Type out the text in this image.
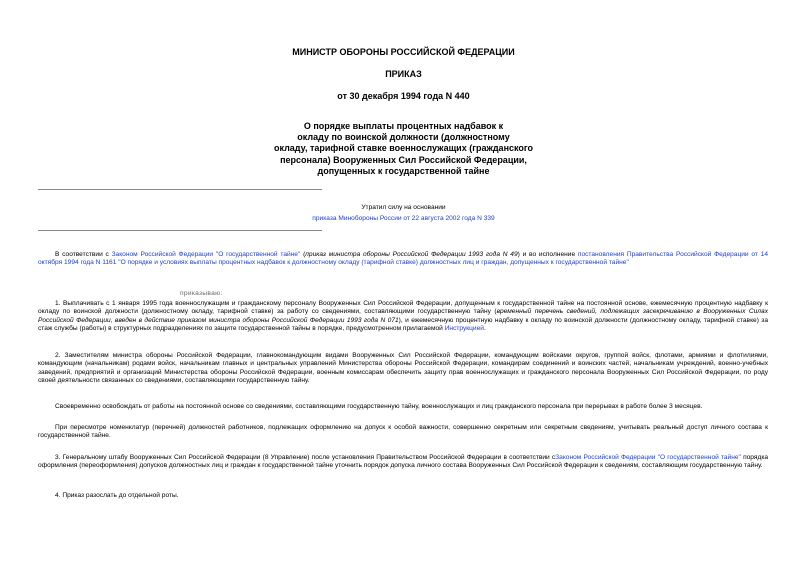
МИНИСТР ОБОРОНЫ РОССИЙСКОЙ ФЕДЕРАЦИИ
ПРИКАЗ
от 30 декабря 1994 года N 440
О порядке выплаты процентных надбавок к
окладу по воинской должности (должностному
окладу, тарифной ставке военнослужащих (гражданского
персонала) Вооруженных Сил Российской Федерации,
допущенных к государственной тайне
Утратил силу на основании
приказа Минобороны России от 22 августа 2002 года N 339

В соответствии с Законом Российской Федерации "О государственной тайне" (приказ министра обороны Российской Федерации 1993 года N 49) и во исполнение постановления Правительства Российской Федерации от 14 октября 1994 года N 1161 "О порядке и условиях выплаты процентных надбавок к должностному окладу (тарифной ставке) должностных лиц и граждан, допущенных к государственной тайне"

приказываю:

1. Выплачивать с 1 января 1995 года военнослужащим и гражданскому персоналу Вооруженных Сил Российской Федерации, допущенным к государственной тайне на постоянной основе, ежемесячную процентную надбавку к окладу по воинской должности (должностному окладу, тарифной ставке) за работу со сведениями, составляющими государственную тайну (временный перечень сведений, подлежащих засекречиванию в Вооруженных Силах Российской Федерации, введен в действие приказом министра обороны Российской Федерации 1993 года N 071), и ежемесячную процентную надбавку к окладу по воинской должности (должностному окладу, тарифной ставке) за стаж службы (работы) в структурных подразделениях по защите государственной тайны в порядке, предусмотренном прилагаемой Инструкцией.

2. Заместителям министра обороны Российской Федерации, главнокомандующим видами Вооруженных Сил Российской Федерации, командующим войсками округов, группой войск, флотами, армиями и флотилиями, командующим (начальникам) родами войск, начальникам главных и центральных управлений Министерства обороны Российской Федерации, командирам соединений и воинских частей, начальникам учреждений, военно-учебных заведений, предприятий и организаций Министерства обороны Российской Федерации, военным комиссарам обеспечить защиту прав военнослужащих и гражданского персонала Вооруженных Сил Российской Федерации, по роду своей деятельности связанных со сведениями, составляющими государственную тайну.

Своевременно освобождать от работы на постоянной основе со сведениями, составляющими государственную тайну, военнослужащих и лиц гражданского персонала при перерывах в работе более 3 месяцев.

При пересмотре номенклатур (перечней) должностей работников, подлежащих оформлению на допуск к особой важности, совершенно секретным или секретным сведениям, учитывать реальный доступ личного состава к государственной тайне.

3. Генеральному штабу Вооруженных Сил Российской Федерации (8 Управление) после установления Правительством Российской Федерации в соответствии сЗаконом Российской Федерации "О государственной тайне" порядка оформления (переоформления) допусков должностных лиц и граждан к государственной тайне уточнить порядок допуска личного состава Вооруженных Сил Российской Федерации к сведениям, составляющим государственную тайну.

4. Приказ разослать до отдельной роты.
